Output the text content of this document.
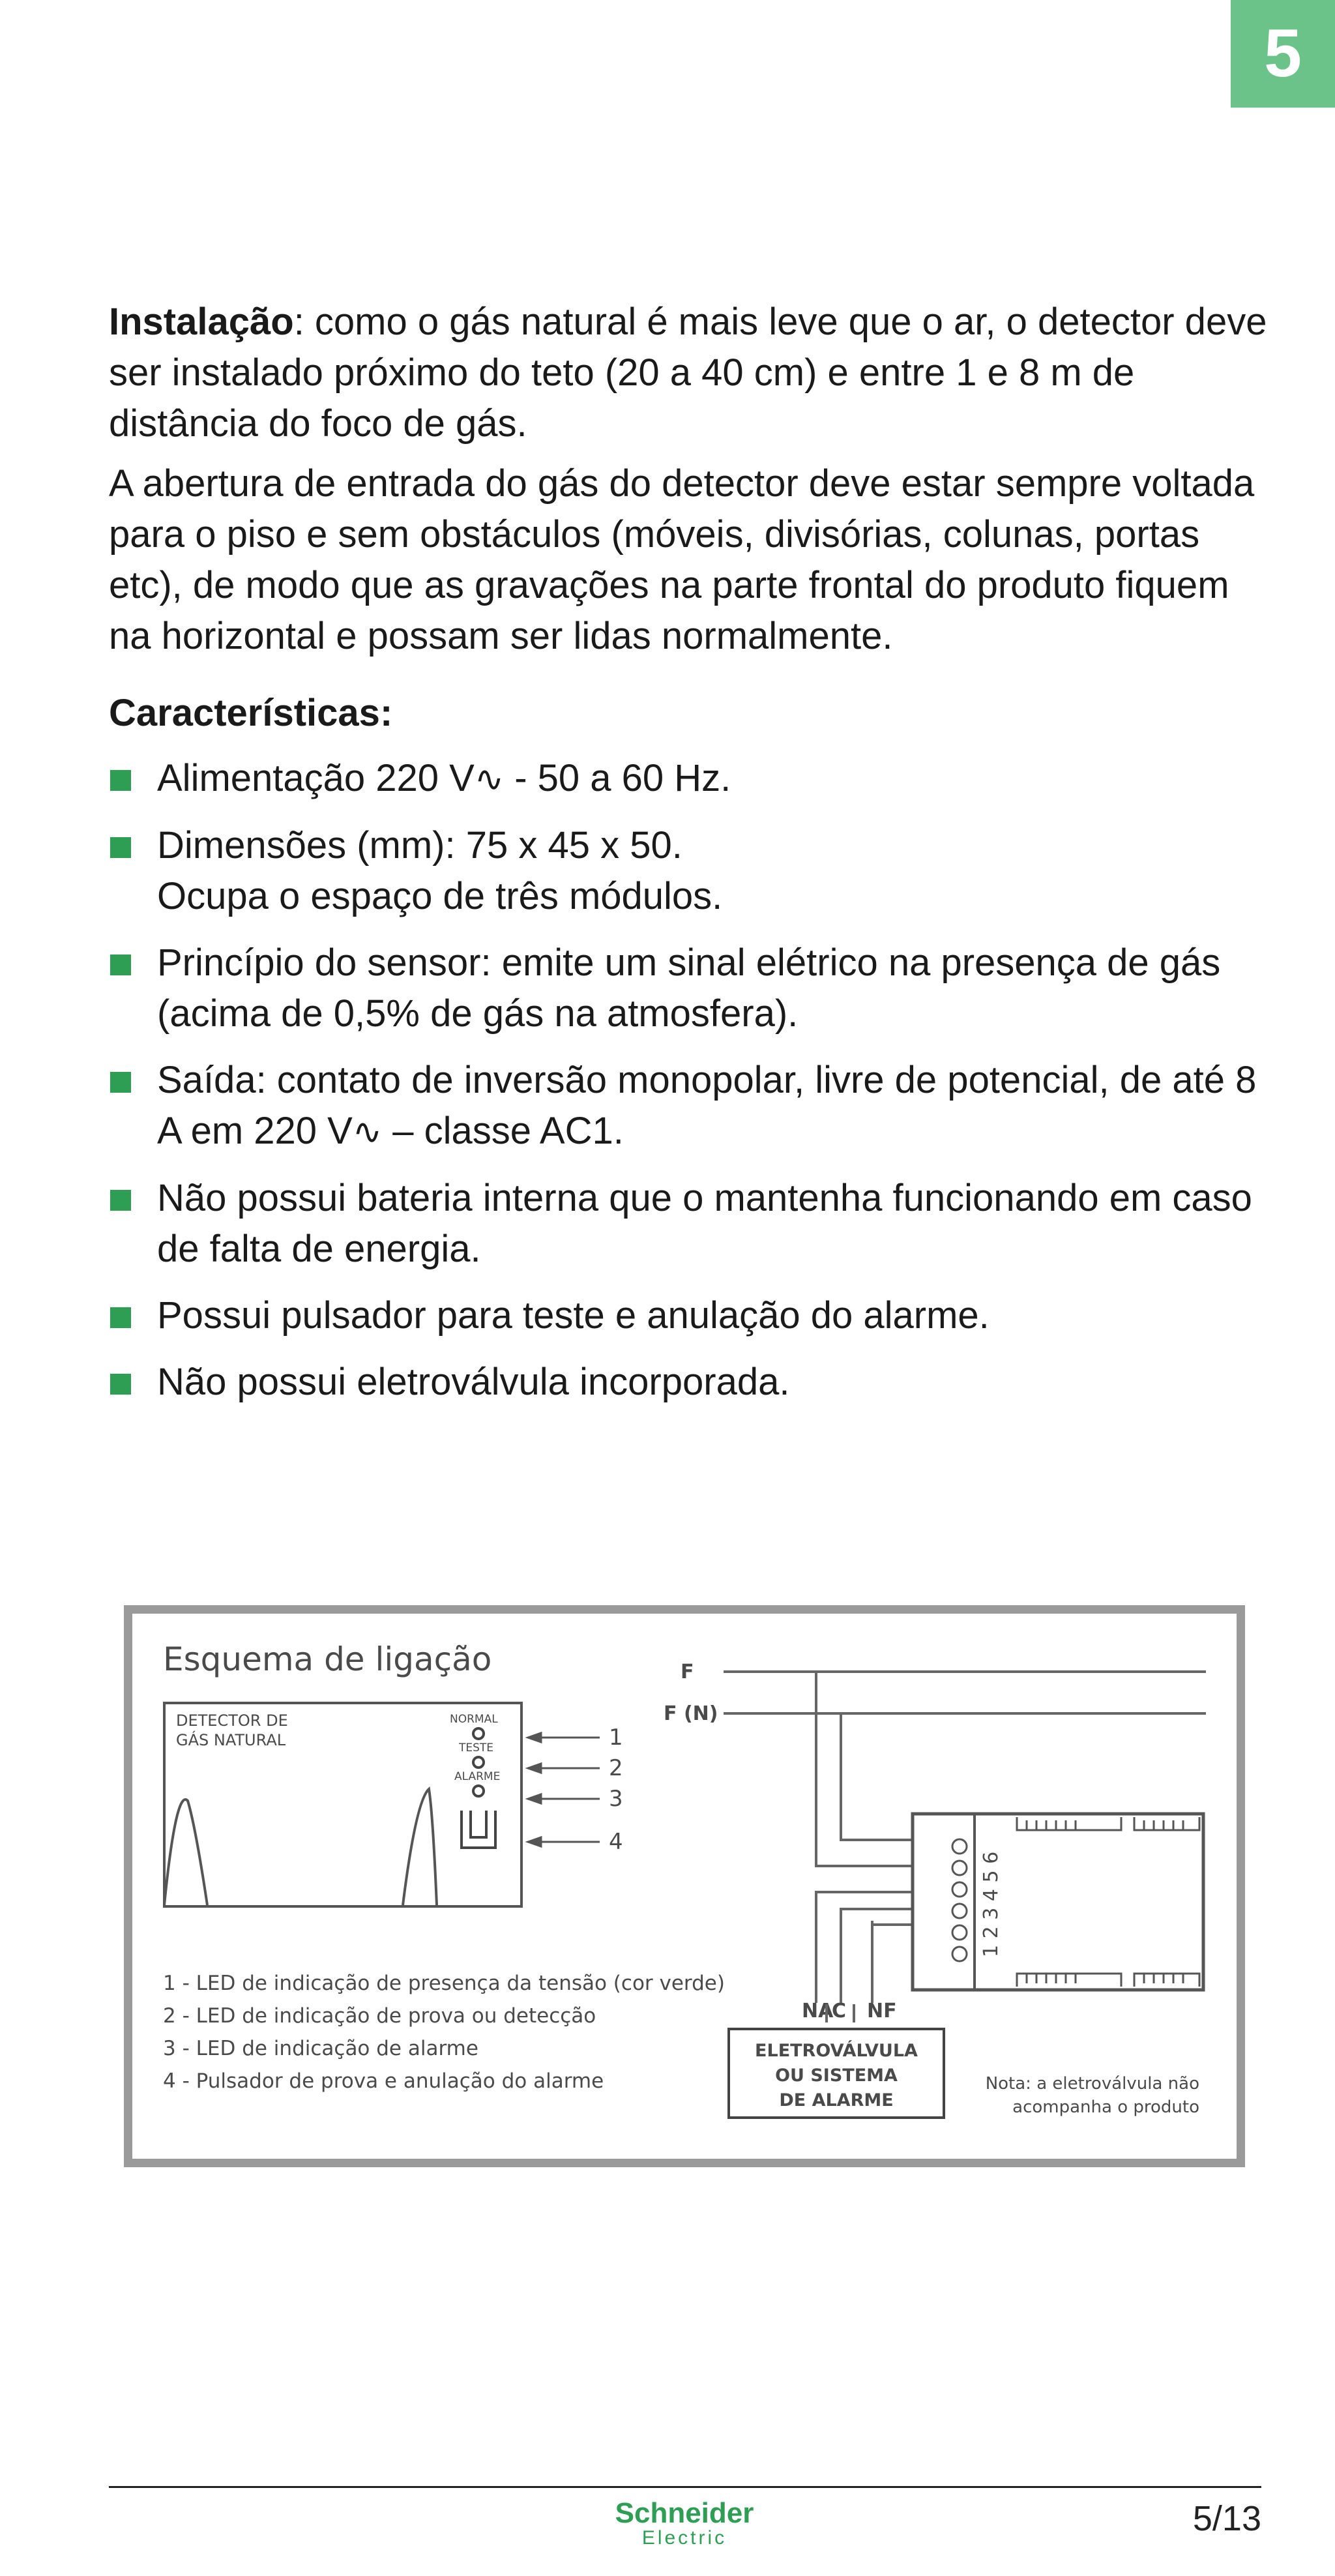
5

Instalação: como o gás natural é mais leve que o ar, o detector deve ser instalado próximo do teto (20 a 40 cm) e entre 1 e 8 m de distância do foco de gás.

A abertura de entrada do gás do detector deve estar sempre voltada para o piso e sem obstáculos (móveis, divisórias, colunas, portas etc), de modo que as gravações na parte frontal do produto fiquem na horizontal e possam ser lidas normalmente.

Características:
Alimentação 220 V∿ - 50 a 60 Hz.
Dimensões (mm): 75 x 45 x 50.
Ocupa o espaço de três módulos.
Princípio do sensor: emite um sinal elétrico na presença de gás (acima de 0,5% de gás na atmosfera).
Saída: contato de inversão monopolar, livre de potencial, de até 8 A em 220 V∿ – classe AC1.
Não possui bateria interna que o mantenha funcionando em caso de falta de energia.
Possui pulsador para teste e anulação do alarme.
Não possui eletroválvula incorporada.
Esquema de ligação
DETECTOR DE
GÁS NATURAL
NORMAL
TESTE
ALARME
1
2
3
4
F
F (N)
1 2 3 4 5 6
NA
C NF
ELETROVÁLVULA
OU SISTEMA
DE ALARME
1 - LED de indicação de presença da tensão (cor verde)
2 - LED de indicação de prova ou detecção
3 - LED de indicação de alarme
4 - Pulsador de prova e anulação do alarme	Nota: a eletroválvula não
acompanha o produto
Schneider
Electric	5/13
